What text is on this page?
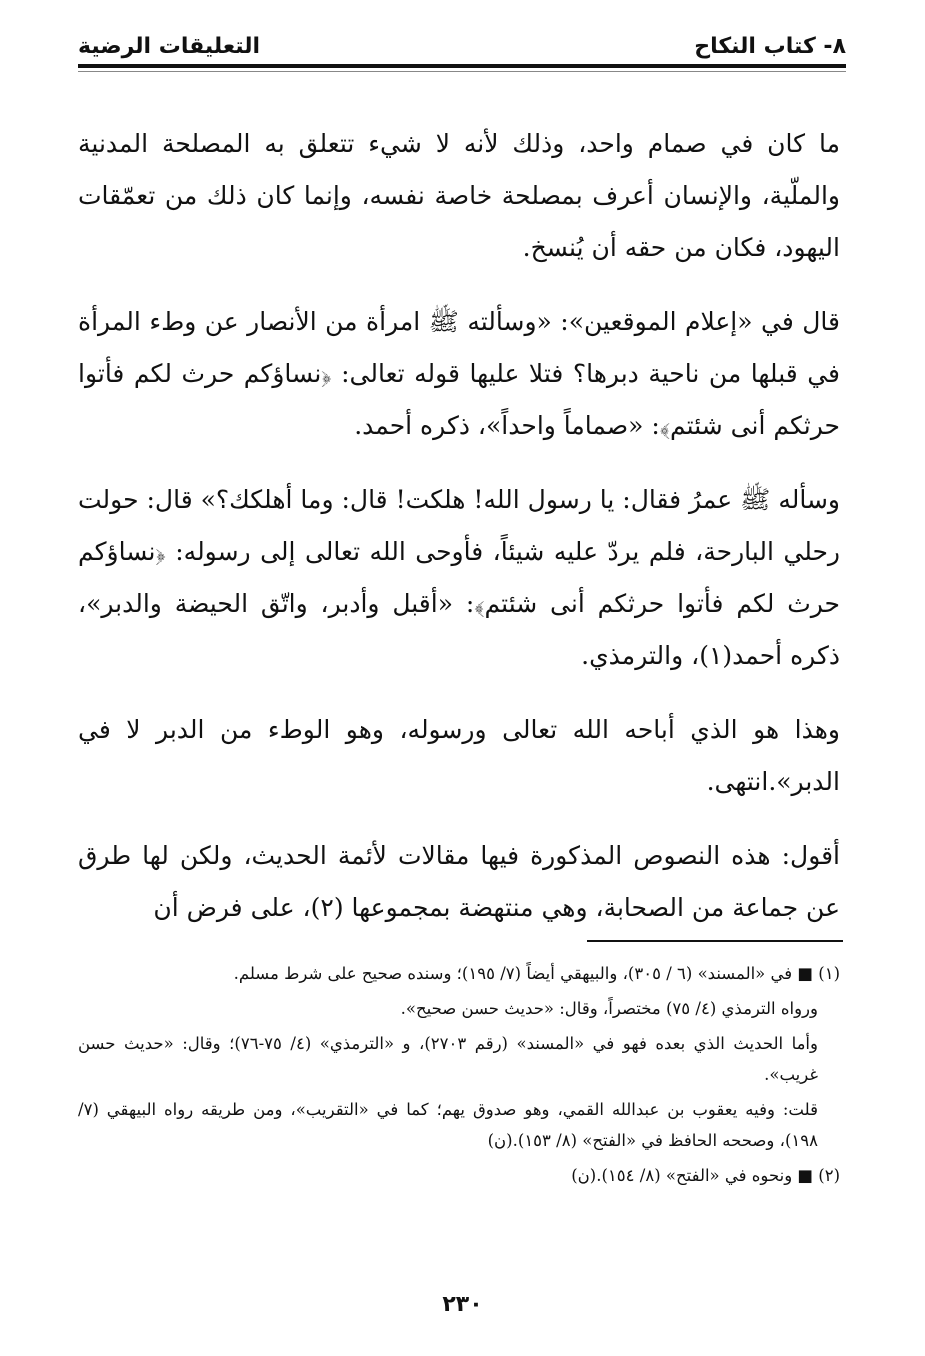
٨- كتاب النكاح
التعليقات الرضية

ما كان في صمام واحد، وذلك لأنه لا شيء تتعلق به المصلحة المدنية والملّية، والإنسان أعرف بمصلحة خاصة نفسه، وإنما كان ذلك من تعمّقات اليهود، فكان من حقه أن يُنسخ.

قال في «إعلام الموقعين»: «وسألته ﷺ امرأة من الأنصار عن وطء المرأة في قبلها من ناحية دبرها؟ فتلا عليها قوله تعالى: ﴿نساؤكم حرث لكم فأتوا حرثكم أنى شئتم﴾: «صماماً واحداً»، ذكره أحمد.

وسأله ﷺ عمرُ فقال: يا رسول الله! هلكت! قال: وما أهلكك؟» قال: حولت رحلي البارحة، فلم يردّ عليه شيئاً، فأوحى الله تعالى إلى رسوله: ﴿نساؤكم حرث لكم فأتوا حرثكم أنى شئتم﴾: «أقبل وأدبر، واتّق الحيضة والدبر»، ذكره أحمد(١)، والترمذي.

وهذا هو الذي أباحه الله تعالى ورسوله، وهو الوطء من الدبر لا في الدبر».انتهى.

أقول: هذه النصوص المذكورة فيها مقالات لأئمة الحديث، ولكن لها طرق عن جماعة من الصحابة، وهي منتهضة بمجموعها (٢)، على فرض أن

(١) ■ في «المسند» (٦ / ٣٠٥)، والبيهقي أيضاً (٧/ ١٩٥)؛ وسنده صحيح على شرط مسلم.

ورواه الترمذي (٤/ ٧٥) مختصراً، وقال: «حديث حسن صحيح».

وأما الحديث الذي بعده فهو في «المسند» (رقم ٢٧٠٣)، و «الترمذي» (٤/ ٧٥-٧٦)؛ وقال: «حديث حسن غريب».

قلت: وفيه يعقوب بن عبدالله القمي، وهو صدوق يهم؛ كما في «التقريب»، ومن طريقه رواه البيهقي (٧/ ١٩٨)، وصححه الحافظ في «الفتح» (٨/ ١٥٣).(ن)

(٢) ■ ونحوه في «الفتح» (٨/ ١٥٤).(ن)

٢٣٠
